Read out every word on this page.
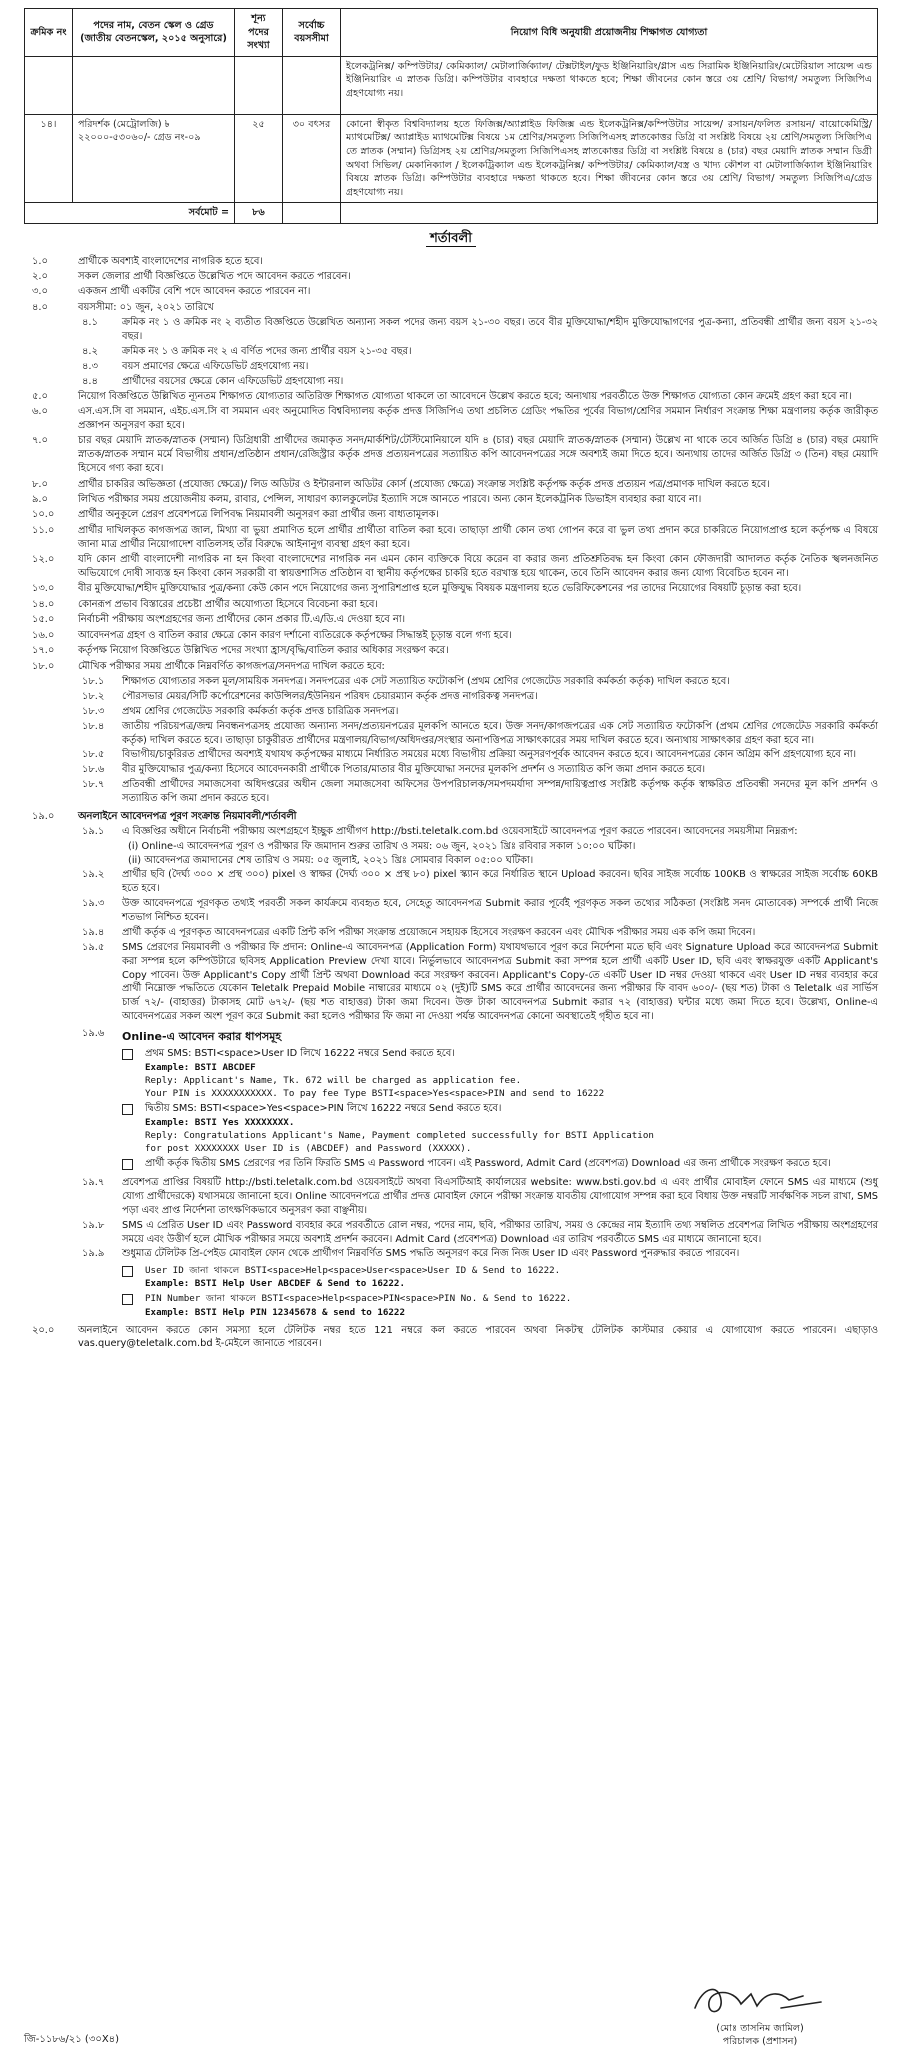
ক্রমিক নং	পদের নাম, বেতন স্কেল ও গ্রেড (জাতীয় বেতনস্কেল, ২০১৫ অনুসারে)	শূন্য পদের সংখ্যা	সর্বোচ্চ বয়সসীমা	নিয়োগ বিধি অনুযায়ী প্রয়োজনীয় শিক্ষাগত যোগ্যতা
				ইলেকট্রনিক্স/ কম্পিউটার/ কেমিক্যাল/ মেটালার্জিক্যাল/ টেক্সটাইল/ফুড ইঞ্জিনিয়ারিং/গ্লাস এন্ড সিরামিক ইঞ্জিনিয়ারিং/মেটেরিয়াল সায়েন্স এন্ড ইঞ্জিনিয়ারিং এ স্নাতক ডিগ্রি। কম্পিউটার ব্যবহারে দক্ষতা থাকতে হবে; শিক্ষা জীবনের কোন স্তরে ৩য় শ্রেণি/ বিভাগ/ সমতুল্য সিজিপিএ গ্রহণযোগ্য নয়।
১৪।	পরিদর্শক (মেট্রোলজি) ৳ ২২০০০-৫৩০৬০/- গ্রেড নং-০৯	২৫	৩০ বৎসর	কোনো স্বীকৃত বিশ্ববিদ্যালয় হতে ফিজিক্স/অ্যাপ্লাইড ফিজিক্স এন্ড ইলেকট্রনিক্স/কম্পিউটার সায়েন্স/ রসায়ন/ফলিত রসায়ন/ বায়োকেমিস্ট্রি/ ম্যাথমেটিক্স/ অ্যাপ্লাইড ম্যাথমেটিক্স বিষয়ে ১ম শ্রেণির/সমতুল্য সিজিপিএসহ স্নাতকোত্তর ডিগ্রি বা সংশ্লিষ্ট বিষয়ে ২য় শ্রেণি/সমতুল্য সিজিপিএ তে স্নাতক (সম্মান) ডিগ্রিসহ ২য় শ্রেণির/সমতুল্য সিজিপিএসহ স্নাতকোত্তর ডিগ্রি বা সংশ্লিষ্ট বিষয়ে ৪ (চার) বছর মেয়াদি স্নাতক সম্মান ডিগ্রী অথবা সিভিল/ মেকানিক্যাল / ইলেকট্রিক্যাল এন্ড ইলেকট্রনিক্স/ কম্পিউটার/ কেমিক্যাল/বস্ত্র ও খাদ্য কৌশল বা মেটালার্জিক্যাল ইঞ্জিনিয়ারিং বিষয়ে স্নাতক ডিগ্রি। কম্পিউটার ব্যবহারে দক্ষতা থাকতে হবে। শিক্ষা জীবনের কোন স্তরে ৩য় শ্রেণি/ বিভাগ/ সমতুল্য সিজিপিএ/গ্রেড গ্রহণযোগ্য নয়।
সর্বমোট =		৮৬		
শর্তাবলী
১.০	প্রার্থীকে অবশ্যই বাংলাদেশের নাগরিক হতে হবে।
২.০	সকল জেলার প্রার্থী বিজ্ঞপ্তিতে উল্লেখিত পদে আবেদন করতে পারবেন।
৩.০	একজন প্রার্থী একটির বেশি পদে আবেদন করতে পারবেন না।
৪.০	বয়সসীমা: ০১ জুন, ২০২১ তারিখে
৪.১	ক্রমিক নং ১ ও ক্রমিক নং ২ ব্যতীত বিজ্ঞপ্তিতে উল্লেখিত অন্যান্য সকল পদের জন্য বয়স ২১-৩০ বছর। তবে বীর মুক্তিযোদ্ধা/শহীদ মুক্তিযোদ্ধাগণের পুত্র-কন্যা, প্রতিবন্ধী প্রার্থীর জন্য বয়স ২১-৩২ বছর।
৪.২	ক্রমিক নং ১ ও ক্রমিক নং ২ এ বর্ণিত পদের জন্য প্রার্থীর বয়স ২১-৩৫ বছর।
৪.৩	বয়স প্রমাণের ক্ষেত্রে এফিডেভিট গ্রহণযোগ্য নয়।
৪.৪	প্রার্থীদের বয়সের ক্ষেত্রে কোন এফিডেভিট গ্রহণযোগ্য নয়।
৫.০	নিয়োগ বিজ্ঞপ্তিতে উল্লিখিত ন্যূনতম শিক্ষাগত যোগ্যতার অতিরিক্ত শিক্ষাগত যোগ্যতা থাকলে তা আবেদনে উল্লেখ করতে হবে; অন্যথায় পরবর্তীতে উক্ত শিক্ষাগত যোগ্যতা কোন ক্রমেই গ্রহণ করা হবে না।
৬.০	এস.এস.সি বা সমমান, এইচ.এস.সি বা সমমান এবং অনুমোদিত বিশ্ববিদ্যালয় কর্তৃক প্রদত্ত সিজিপিএ তথা প্রচলিত গ্রেডিং পদ্ধতির পূর্বের বিভাগ/শ্রেণির সমমান নির্ধারণ সংক্রান্ত শিক্ষা মন্ত্রণালয় কর্তৃক জারীকৃত প্রজ্ঞাপন অনুসরণ করা হবে।
৭.০	চার বছর মেয়াদি স্নাতক/স্নাতক (সম্মান) ডিগ্রিধারী প্রার্থীদের জমাকৃত সনদ/মার্কশিট/টেস্টিমোনিয়ালে যদি ৪ (চার) বছর মেয়াদি স্নাতক/স্নাতক (সম্মান) উল্লেখ না থাকে তবে অর্জিত ডিগ্রি ৪ (চার) বছর মেয়াদি স্নাতক/স্নাতক সম্মান মর্মে বিভাগীয় প্রধান/প্রতিষ্ঠান প্রধান/রেজিস্ট্রার কর্তৃক প্রদত্ত প্রত্যয়নপত্রের সত্যায়িত কপি আবেদনপত্রের সঙ্গে অবশ্যই জমা দিতে হবে। অন্যথায় তাদের অর্জিত ডিগ্রি ৩ (তিন) বছর মেয়াদি হিসেবে গণ্য করা হবে।
৮.০	প্রার্থীর চাকরির অভিজ্ঞতা (প্রযোজ্য ক্ষেত্রে)/ লিড অডিটর ও ইন্টারনাল অডিটর কোর্স (প্রযোজ্য ক্ষেত্রে) সংক্রান্ত সংশ্লিষ্ট কর্তৃপক্ষ কর্তৃক প্রদত্ত প্রত্যয়ন পত্র/প্রমাণক দাখিল করতে হবে।
৯.০	লিখিত পরীক্ষার সময় প্রয়োজনীয় কলম, রাবার, পেন্সিল, সাধারণ ক্যালকুলেটর ইত্যাদি সঙ্গে আনতে পারবে। অন্য কোন ইলেকট্রনিক ডিভাইস ব্যবহার করা যাবে না।
১০.০	প্রার্থীর অনুকূলে প্রেরণ প্রবেশপত্রে লিপিবদ্ধ নিয়মাবলী অনুসরণ করা প্রার্থীর জন্য বাধ্যতামূলক।
১১.০	প্রার্থীর দাখিলকৃত কাগজপত্র জাল, মিথ্যা বা ভুয়া প্রমাণিত হলে প্রার্থীর প্রার্থীতা বাতিল করা হবে। তাছাড়া প্রার্থী কোন তথ্য গোপন করে বা ভুল তথ্য প্রদান করে চাকরিতে নিয়োগপ্রাপ্ত হলে কর্তৃপক্ষ এ বিষয়ে জানা মাত্র প্রার্থীর নিয়োগাদেশ বাতিলসহ তাঁর বিরুদ্ধে আইনানুগ ব্যবস্থা গ্রহণ করা হবে।
১২.০	যদি কোন প্রার্থী বাংলাদেশী নাগরিক না হন কিংবা বাংলাদেশের নাগরিক নন এমন কোন ব্যক্তিকে বিয়ে করেন বা করার জন্য প্রতিশ্রুতিবদ্ধ হন কিংবা কোন ফৌজদারী আদালত কর্তৃক নৈতিক স্খলনজনিত অভিযোগে দোষী সাব্যস্ত হন কিংবা কোন সরকারী বা স্বায়ত্তশাসিত প্রতিষ্ঠান বা স্থানীয় কর্তৃপক্ষের চাকরি হতে বরখাস্ত হয়ে থাকেন, তবে তিনি আবেদন করার জন্য যোগ্য বিবেচিত হবেন না।
১৩.০	বীর মুক্তিযোদ্ধা/শহীদ মুক্তিযোদ্ধার পুত্র/কন্যা কেউ কোন পদে নিয়োগের জন্য সুপারিশপ্রাপ্ত হলে মুক্তিযুদ্ধ বিষয়ক মন্ত্রণালয় হতে ভেরিফিকেশনের পর তাদের নিয়োগের বিষয়টি চূড়ান্ত করা হবে।
১৪.০	কোনরূপ প্রভাব বিস্তারের প্রচেষ্টা প্রার্থীর অযোগ্যতা হিসেবে বিবেচনা করা হবে।
১৫.০	নির্বাচনী পরীক্ষায় অংশগ্রহণের জন্য প্রার্থীদের কোন প্রকার টি.এ/ডি.এ দেওয়া হবে না।
১৬.০	আবেদনপত্র গ্রহণ ও বাতিল করার ক্ষেত্রে কোন কারণ দর্শানো ব্যতিরেকে কর্তৃপক্ষের সিদ্ধান্তই চূড়ান্ত বলে গণ্য হবে।
১৭.০	কর্তৃপক্ষ নিয়োগ বিজ্ঞপ্তিতে উল্লিখিত পদের সংখ্যা হ্রাস/বৃদ্ধি/বাতিল করার অধিকার সংরক্ষণ করে।
১৮.০	মৌখিক পরীক্ষার সময় প্রার্থীকে নিম্নবর্ণিত কাগজপত্র/সনদপত্র দাখিল করতে হবে:
১৮.১	শিক্ষাগত যোগ্যতার সকল মূল/সাময়িক সনদপত্র। সনদপত্রের এক সেট সত্যায়িত ফটোকপি (প্রথম শ্রেণির গেজেটেড সরকারি কর্মকর্তা কর্তৃক) দাখিল করতে হবে।
১৮.২	পৌরসভার মেয়র/সিটি কর্পোরেশনের কাউন্সিলর/ইউনিয়ন পরিষদ চেয়ারম্যান কর্তৃক প্রদত্ত নাগরিকত্ব সনদপত্র।
১৮.৩	প্রথম শ্রেণির গেজেটেড সরকারি কর্মকর্তা কর্তৃক প্রদত্ত চারিত্রিক সনদপত্র।
১৮.৪	জাতীয় পরিচয়পত্র/জন্ম নিবন্ধনপত্রসহ প্রযোজ্য অন্যান্য সনদ/প্রত্যয়নপত্রের মূলকপি আনতে হবে। উক্ত সনদ/কাগজপত্রের এক সেট সত্যায়িত ফটোকপি (প্রথম শ্রেণির গেজেটেড সরকারি কর্মকর্তা কর্তৃক) দাখিল করতে হবে। তাছাড়া চাকুরীরত প্রার্থীদের মন্ত্রণালয়/বিভাগ/অধিদপ্তর/সংস্থার অনাপত্তিপত্র সাক্ষাৎকারের সময় দাখিল করতে হবে। অন্যথায় সাক্ষাৎকার গ্রহণ করা হবে না।
১৮.৫	বিভাগীয়/চাকুরিরত প্রার্থীদের অবশ্যই যথাযথ কর্তৃপক্ষের মাধ্যমে নির্ধারিত সময়ের মধ্যে বিভাগীয় প্রক্রিয়া অনুসরণপূর্বক আবেদন করতে হবে। আবেদনপত্রের কোন অগ্রিম কপি গ্রহণযোগ্য হবে না।
১৮.৬	বীর মুক্তিযোদ্ধার পুত্র/কন্যা হিসেবে আবেদনকারী প্রার্থীকে পিতার/মাতার বীর মুক্তিযোদ্ধা সনদের মূলকপি প্রদর্শন ও সত্যায়িত কপি জমা প্রদান করতে হবে।
১৮.৭	প্রতিবন্ধী প্রার্থীদের সমাজসেবা অধিদপ্তরের অধীন জেলা সমাজসেবা অফিসের উপপরিচালক/সমপদমর্যাদা সম্পন্ন/দায়িত্বপ্রাপ্ত সংশ্লিষ্ট কর্তৃপক্ষ কর্তৃক স্বাক্ষরিত প্রতিবন্ধী সনদের মূল কপি প্রদর্শন ও সত্যায়িত কপি জমা প্রদান করতে হবে।
১৯.০	অনলাইনে আবেদনপত্র পূরণ সংক্রান্ত নিয়মাবলী/শর্তাবলী
১৯.১	এ বিজ্ঞপ্তির অধীনে নির্বাচনী পরীক্ষায় অংশগ্রহণে ইচ্ছুক প্রার্থীগণ http://bsti.teletalk.com.bd ওয়েবসাইটে আবেদনপত্র পূরণ করতে পারবেন। আবেদনের সময়সীমা নিম্নরূপ:
(i) Online-এ আবেদনপত্র পূরণ ও পরীক্ষার ফি জমাদান শুরুর তারিখ ও সময়: ০৬ জুন, ২০২১ খ্রিঃ রবিবার সকাল ১০:০০ ঘটিকা।
(ii) আবেদনপত্র জমাদানের শেষ তারিখ ও সময়: ০৫ জুলাই, ২০২১ খ্রিঃ সোমবার বিকাল ০৫:০০ ঘটিকা।
১৯.২	প্রার্থীর ছবি (দৈর্ঘ্য ৩০০ × প্রস্থ ৩০০) pixel ও স্বাক্ষর (দৈর্ঘ্য ৩০০ × প্রস্থ ৮০) pixel স্ক্যান করে নির্ধারিত স্থানে Upload করবেন। ছবির সাইজ সর্বোচ্চ 100KB ও স্বাক্ষরের সাইজ সর্বোচ্চ 60KB হতে হবে।
১৯.৩	উক্ত আবেদনপত্রে পূরণকৃত তথ্যই পরবর্তী সকল কার্যক্রমে ব্যবহৃত হবে, সেহেতু আবেদনপত্র Submit করার পূর্বেই পূরণকৃত সকল তথ্যের সঠিকতা (সংশ্লিষ্ট সনদ মোতাবেক) সম্পর্কে প্রার্থী নিজে শতভাগ নিশ্চিত হবেন।
১৯.৪	প্রার্থী কর্তৃক এ পূরণকৃত আবেদনপত্রের একটি প্রিন্ট কপি পরীক্ষা সংক্রান্ত প্রয়োজনে সহায়ক হিসেবে সংরক্ষণ করবেন এবং মৌখিক পরীক্ষার সময় এক কপি জমা দিবেন।
১৯.৫	SMS প্রেরণের নিয়মাবলী ও পরীক্ষার ফি প্রদান: Online-এ আবেদনপত্র (Application Form) যথাযথভাবে পূরণ করে নির্দেশনা মতে ছবি এবং Signature Upload করে আবেদনপত্র Submit করা সম্পন্ন হলে কম্পিউটারে ছবিসহ Application Preview দেখা যাবে। নির্ভুলভাবে আবেদনপত্র Submit করা সম্পন্ন হলে প্রার্থী একটি User ID, ছবি এবং স্বাক্ষরযুক্ত একটি Applicant's Copy পাবেন। উক্ত Applicant's Copy প্রার্থী প্রিন্ট অথবা Download করে সংরক্ষণ করবেন। Applicant's Copy-তে একটি User ID নম্বর দেওয়া থাকবে এবং User ID নম্বর ব্যবহার করে প্রার্থী নিম্নোক্ত পদ্ধতিতে যেকোন Teletalk Prepaid Mobile নাম্বারের মাধ্যমে ০২ (দুই)টি SMS করে প্রার্থীর আবেদনের জন্য পরীক্ষার ফি বাবদ ৬০০/- (ছয় শত) টাকা ও Teletalk এর সার্ভিস চার্জ ৭২/- (বাহাত্তর) টাকাসহ মোট ৬৭২/- (ছয় শত বাহাত্তর) টাকা জমা দিবেন। উক্ত টাকা আবেদনপত্র Submit করার ৭২ (বাহাত্তর) ঘন্টার মধ্যে জমা দিতে হবে। উল্লেখ্য, Online-এ আবেদনপত্রের সকল অংশ পূরণ করে Submit করা হলেও পরীক্ষার ফি জমা না দেওয়া পর্যন্ত আবেদনপত্র কোনো অবস্থাতেই গৃহীত হবে না।
১৯.৬	Online-এ আবেদন করার ধাপসমূহ
প্রথম SMS: BSTI<space>User ID লিখে 16222 নম্বরে Send করতে হবে।
Example: BSTI ABCDEF
Reply: Applicant's Name, Tk. 672 will be charged as application fee.
Your PIN is XXXXXXXXXXX. To pay fee Type BSTI<space>Yes<space>PIN and send to 16222
দ্বিতীয় SMS: BSTI<space>Yes<space>PIN লিখে 16222 নম্বরে Send করতে হবে।
Example: BSTI Yes XXXXXXXX.
Reply: Congratulations Applicant's Name, Payment completed successfully for BSTI Application
for post XXXXXXXX User ID is (ABCDEF) and Password (XXXXX).
প্রার্থী কর্তৃক দ্বিতীয় SMS প্রেরণের পর তিনি ফিরতি SMS এ Password পাবেন। এই Password, Admit Card (প্রবেশপত্র) Download এর জন্য প্রার্থীকে সংরক্ষণ করতে হবে।
১৯.৭	প্রবেশপত্র প্রাপ্তির বিষয়টি http://bsti.teletalk.com.bd ওয়েবসাইটে অথবা বিএসটিআই কার্যালয়ের website: www.bsti.gov.bd এ এবং প্রার্থীর মোবাইল ফোনে SMS এর মাধ্যমে (শুধু যোগ্য প্রার্থীদেরকে) যথাসময়ে জানানো হবে। Online আবেদনপত্রে প্রার্থীর প্রদত্ত মোবাইল ফোনে পরীক্ষা সংক্রান্ত যাবতীয় যোগাযোগ সম্পন্ন করা হবে বিধায় উক্ত নম্বরটি সার্বক্ষণিক সচল রাখা, SMS পড়া এবং প্রাপ্ত নির্দেশনা তাৎক্ষণিকভাবে অনুসরণ করা বাঞ্ছনীয়।
১৯.৮	SMS এ প্রেরিত User ID এবং Password ব্যবহার করে পরবর্তীতে রোল নম্বর, পদের নাম, ছবি, পরীক্ষার তারিখ, সময় ও কেন্দ্রের নাম ইত্যাদি তথ্য সম্বলিত প্রবেশপত্র লিখিত পরীক্ষায় অংশগ্রহণের সময়ে এবং উত্তীর্ণ হলে মৌখিক পরীক্ষার সময়ে অবশ্যই প্রদর্শন করবেন। Admit Card (প্রবেশপত্র) Download এর তারিখ পরবর্তীতে SMS এর মাধ্যমে জানানো হবে।
১৯.৯	শুধুমাত্র টেলিটক প্রি-পেইড মোবাইল ফোন থেকে প্রার্থীগণ নিম্নবর্ণিত SMS পদ্ধতি অনুসরণ করে নিজ নিজ User ID এবং Password পুনরুদ্ধার করতে পারবেন।
User ID জানা থাকলে BSTI<space>Help<space>User<space>User ID & Send to 16222.
Example: BSTI Help User ABCDEF & Send to 16222.
PIN Number জানা থাকলে BSTI<space>Help<space>PIN<space>PIN No. & Send to 16222.
Example: BSTI Help PIN 12345678 & send to 16222
২০.০	অনলাইনে আবেদন করতে কোন সমস্যা হলে টেলিটক নম্বর হতে 121 নম্বরে কল করতে পারবেন অথবা নিকটস্থ টেলিটক কাস্টমার কেয়ার এ যোগাযোগ করতে পারবেন। এছাড়াও vas.query@teletalk.com.bd ই-মেইলে জানাতে পারবেন।
জি-১১৮৬/২১ (৩০X৪)
(মোঃ তাসনিম জামিল)
পরিচালক (প্রশাসন)
